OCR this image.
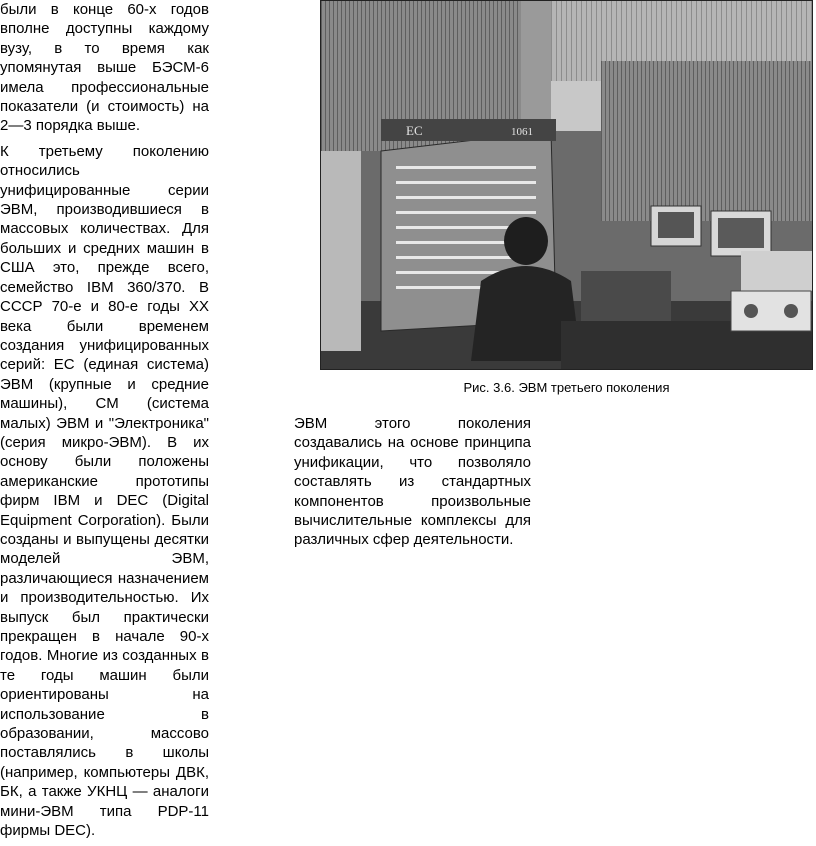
были в конце 60-х годов вполне доступны каждому вузу, в то время как упомянутая выше БЭСМ-6 имела профессиональные показатели (и стоимость) на 2—3 порядка выше.

К третьему поколению относились унифицированные серии ЭВМ, производившиеся в массовых количествах. Для больших и средних машин в США это, прежде всего, семейство IBM 360/370. В СССР 70-е и 80-е годы XX века были временем создания унифицированных серий: ЕС (единая система) ЭВМ (крупные и средние машины), СМ (система малых) ЭВМ и "Электроника" (серия микро-ЭВМ). В их основу были положены американские прототипы фирм IBM и DEC (Digital Equipment Corporation). Были созданы и выпущены десятки моделей ЭВМ, различающиеся назначением и производительностью. Их выпуск был практически прекращен в начале 90-х годов. Многие из созданных в те годы машин были ориентированы на использование в образовании, массово поставлялись в школы (например, компьютеры ДВК, БК, а также УКНЦ — аналоги мини-ЭВМ типа PDP-11 фирмы DEC).

ЕС	1061
Рис. 3.6. ЭВМ третьего поколения

ЭВМ этого поколения создавались на основе принципа унификации, что позволяло составлять из стандартных компонентов произвольные вычислительные комплексы для различных сфер деятельности.
